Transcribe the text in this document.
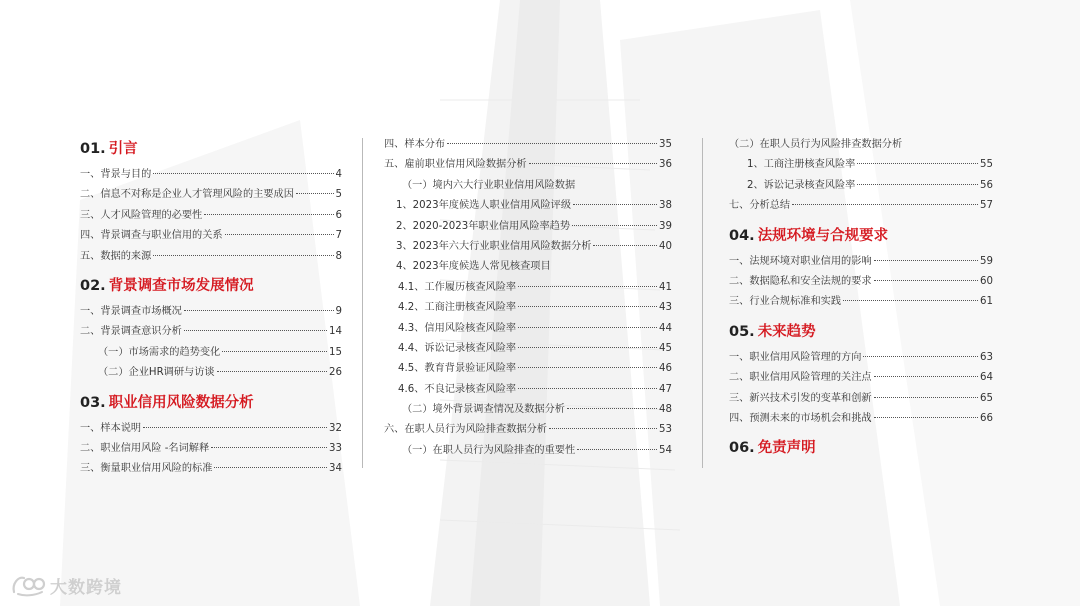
01. 引言
一、背景与目的	4
二、信息不对称是企业人才管理风险的主要成因	5
三、人才风险管理的必要性	6
四、背景调查与职业信用的关系	7
五、数据的来源	8
02. 背景调查市场发展情况
一、背景调查市场概况	9
二、背景调查意识分析	14
（一）市场需求的趋势变化	15
（二）企业HR调研与访谈	26
03. 职业信用风险数据分析
一、样本说明	32
二、职业信用风险 -名词解释	33
三、衡量职业信用风险的标准	34
四、样本分布	35
五、雇前职业信用风险数据分析	36
（一）境内六大行业职业信用风险数据
1、2023年度候选人职业信用风险评级	38
2、2020-2023年职业信用风险率趋势	39
3、2023年六大行业职业信用风险数据分析	40
4、2023年度候选人常见核查项目
4.1、工作履历核查风险率	41
4.2、工商注册核查风险率	43
4.3、信用风险核查风险率	44
4.4、诉讼记录核查风险率	45
4.5、教育背景验证风险率	46
4.6、不良记录核查风险率	47
（二）境外背景调查情况及数据分析	48
六、在职人员行为风险排查数据分析	53
（一）在职人员行为风险排查的重要性	54
（二）在职人员行为风险排查数据分析
1、工商注册核查风险率	55
2、诉讼记录核查风险率	56
七、分析总结	57
04. 法规环境与合规要求
一、法规环境对职业信用的影响	59
二、数据隐私和安全法规的要求	60
三、行业合规标准和实践	61
05. 未来趋势
一、职业信用风险管理的方向	63
二、职业信用风险管理的关注点	64
三、新兴技术引发的变革和创新	65
四、预测未来的市场机会和挑战	66
06. 免责声明
大数跨境
